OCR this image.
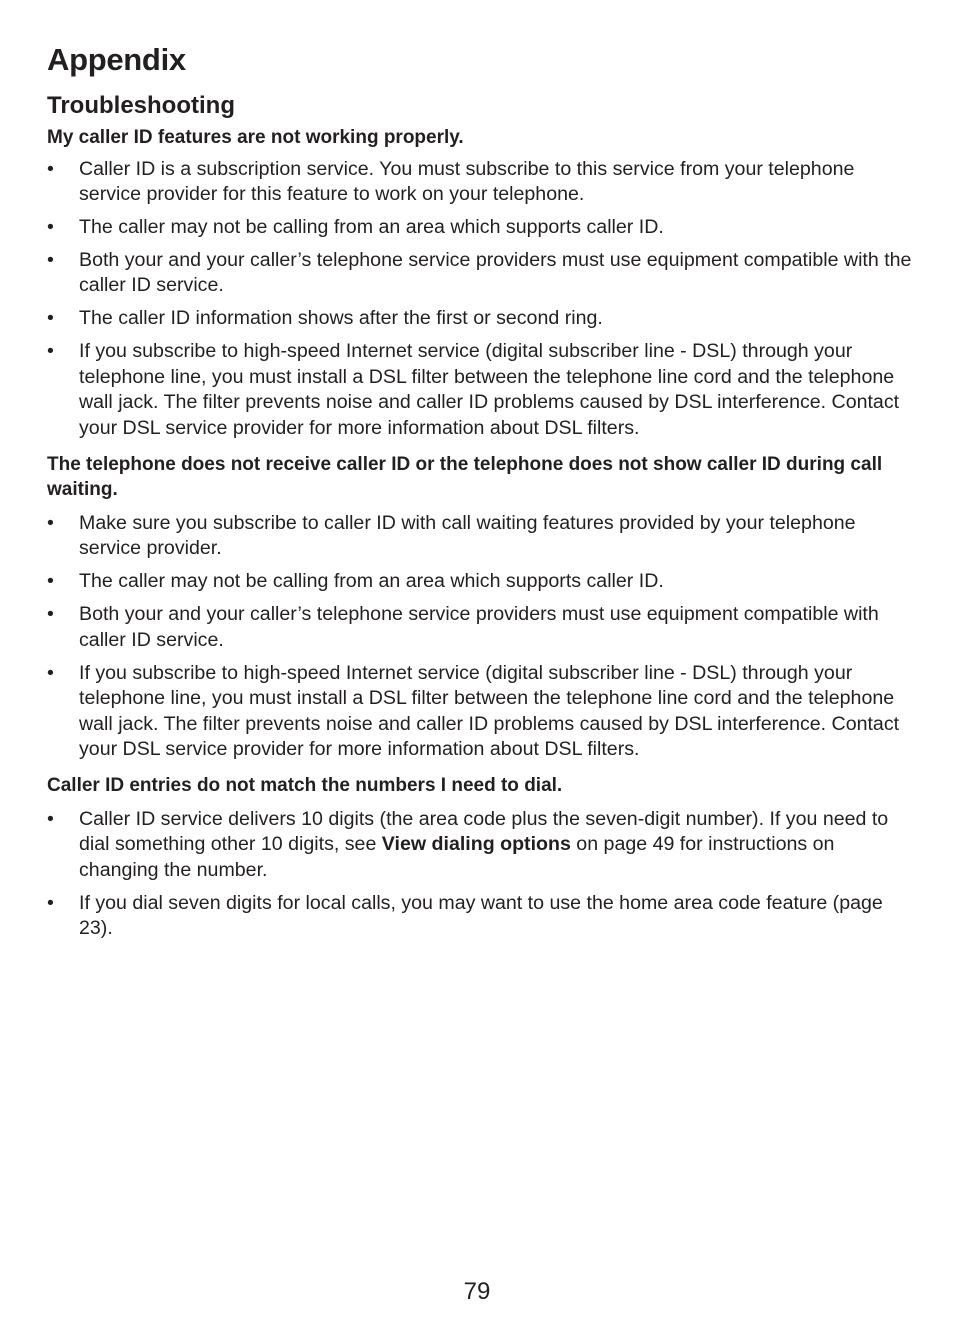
Appendix
Troubleshooting

My caller ID features are not working properly.

• Caller ID is a subscription service. You must subscribe to this service from your telephone service provider for this feature to work on your telephone.
• The caller may not be calling from an area which supports caller ID.
• Both your and your caller’s telephone service providers must use equipment compatible with the caller ID service.
• The caller ID information shows after the first or second ring.
• If you subscribe to high-speed Internet service (digital subscriber line - DSL) through your telephone line, you must install a DSL filter between the telephone line cord and the telephone wall jack. The filter prevents noise and caller ID problems caused by DSL interference. Contact your DSL service provider for more information about DSL filters.

The telephone does not receive caller ID or the telephone does not show caller ID during call waiting.

• Make sure you subscribe to caller ID with call waiting features provided by your telephone service provider.
• The caller may not be calling from an area which supports caller ID.
• Both your and your caller’s telephone service providers must use equipment compatible with caller ID service.
• If you subscribe to high-speed Internet service (digital subscriber line - DSL) through your telephone line, you must install a DSL filter between the telephone line cord and the telephone wall jack. The filter prevents noise and caller ID problems caused by DSL interference. Contact your DSL service provider for more information about DSL filters.

Caller ID entries do not match the numbers I need to dial.

• Caller ID service delivers 10 digits (the area code plus the seven-digit number). If you need to dial something other 10 digits, see View dialing options on page 49 for instructions on changing the number.
• If you dial seven digits for local calls, you may want to use the home area code feature (page 23).
79
